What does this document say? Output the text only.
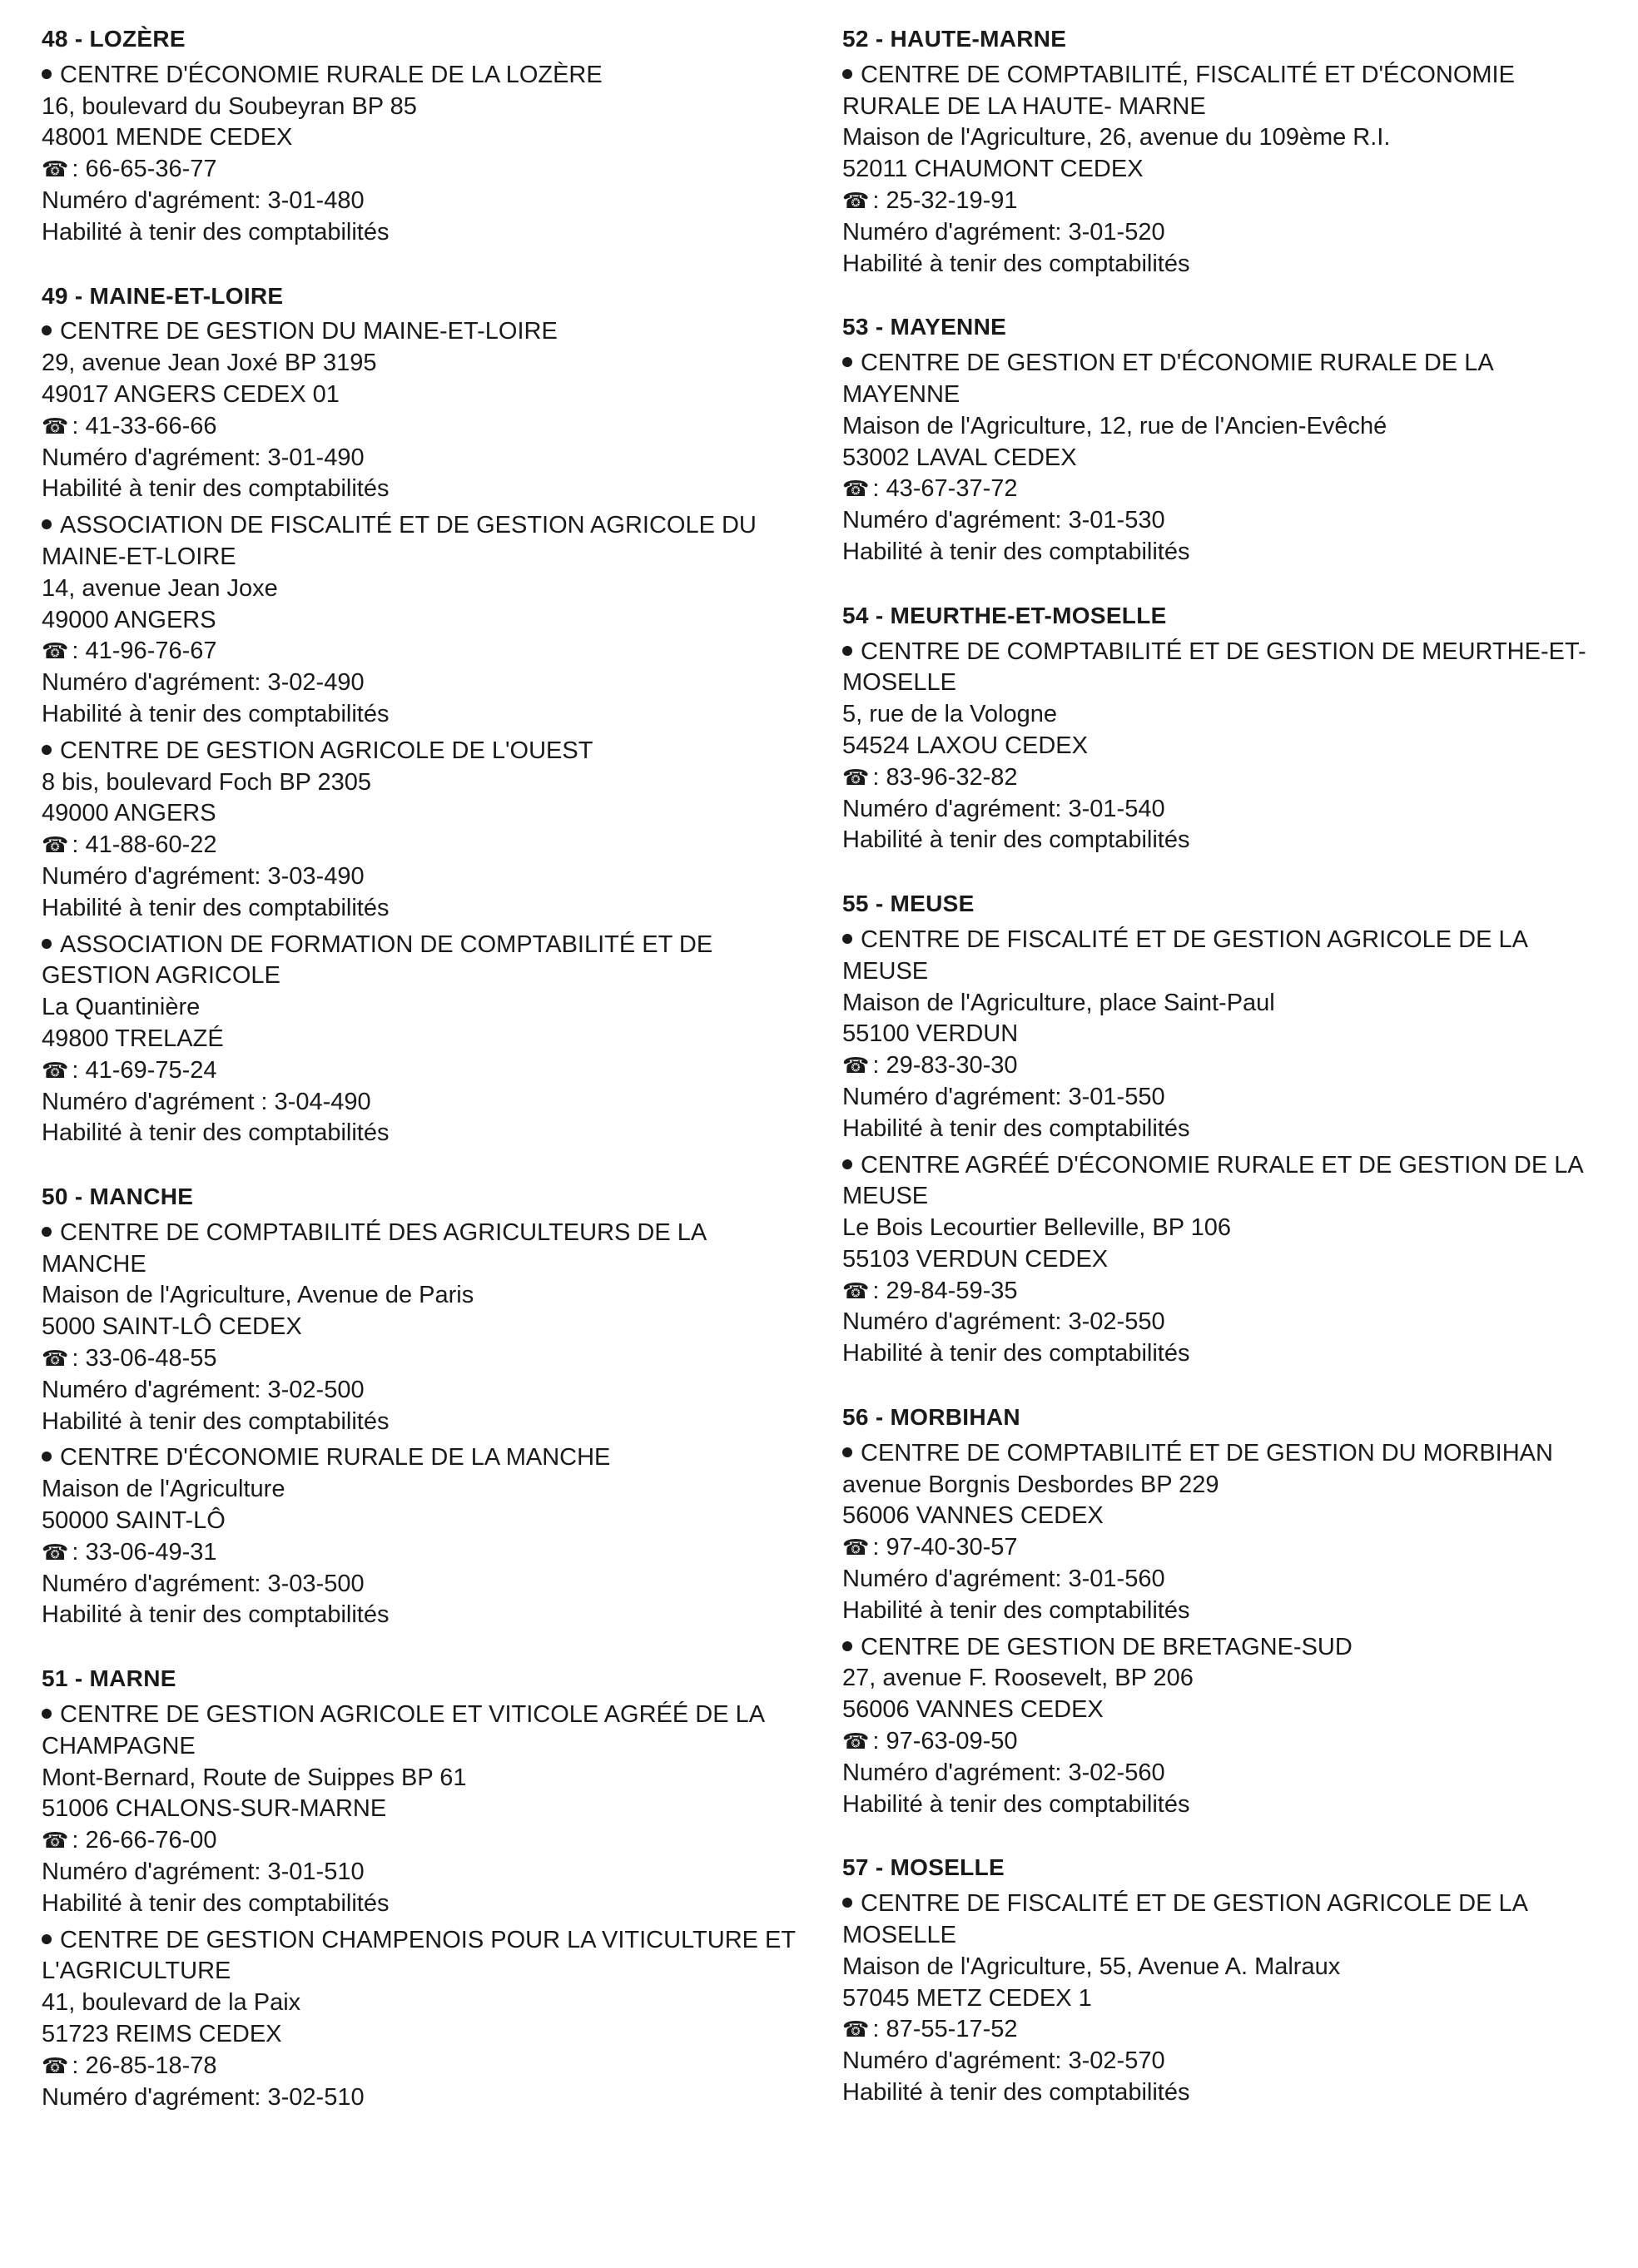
48 - LOZÈRE
CENTRE D'ÉCONOMIE RURALE DE LA LOZÈRE
16, boulevard du Soubeyran BP 85
48001 MENDE CEDEX
☎ : 66-65-36-77
Numéro d'agrément: 3-01-480
Habilité à tenir des comptabilités
49 - MAINE-ET-LOIRE
CENTRE DE GESTION DU MAINE-ET-LOIRE
29, avenue Jean Joxé BP 3195
49017 ANGERS CEDEX 01
☎ : 41-33-66-66
Numéro d'agrément: 3-01-490
Habilité à tenir des comptabilités
ASSOCIATION DE FISCALITÉ ET DE GESTION AGRICOLE DU MAINE-ET-LOIRE
14, avenue Jean Joxe
49000 ANGERS
☎ : 41-96-76-67
Numéro d'agrément: 3-02-490
Habilité à tenir des comptabilités
CENTRE DE GESTION AGRICOLE DE L'OUEST
8 bis, boulevard Foch BP 2305
49000 ANGERS
☎ : 41-88-60-22
Numéro d'agrément: 3-03-490
Habilité à tenir des comptabilités
ASSOCIATION DE FORMATION DE COMPTABILITÉ ET DE GESTION AGRICOLE
La Quantinière
49800 TRELAZÉ
☎ : 41-69-75-24
Numéro d'agrément : 3-04-490
Habilité à tenir des comptabilités
50 - MANCHE
CENTRE DE COMPTABILITÉ DES AGRICULTEURS DE LA MANCHE
Maison de l'Agriculture, Avenue de Paris
5000 SAINT-LÔ CEDEX
☎ : 33-06-48-55
Numéro d'agrément: 3-02-500
Habilité à tenir des comptabilités
CENTRE D'ÉCONOMIE RURALE DE LA MANCHE
Maison de l'Agriculture
50000 SAINT-LÔ
☎ : 33-06-49-31
Numéro d'agrément: 3-03-500
Habilité à tenir des comptabilités
51 - MARNE
CENTRE DE GESTION AGRICOLE ET VITICOLE AGRÉÉ DE LA CHAMPAGNE
Mont-Bernard, Route de Suippes BP 61
51006 CHALONS-SUR-MARNE
☎ : 26-66-76-00
Numéro d'agrément: 3-01-510
Habilité à tenir des comptabilités
CENTRE DE GESTION CHAMPENOIS POUR LA VITICULTURE ET L'AGRICULTURE
41, boulevard de la Paix
51723 REIMS CEDEX
☎ : 26-85-18-78
Numéro d'agrément: 3-02-510
52 - HAUTE-MARNE
CENTRE DE COMPTABILITÉ, FISCALITÉ ET D'ÉCONOMIE RURALE DE LA HAUTE- MARNE
Maison de l'Agriculture, 26, avenue du 109ème R.I.
52011 CHAUMONT CEDEX
☎ : 25-32-19-91
Numéro d'agrément: 3-01-520
Habilité à tenir des comptabilités
53 - MAYENNE
CENTRE DE GESTION ET D'ÉCONOMIE RURALE DE LA MAYENNE
Maison de l'Agriculture, 12, rue de l'Ancien-Evêché
53002 LAVAL CEDEX
☎ : 43-67-37-72
Numéro d'agrément: 3-01-530
Habilité à tenir des comptabilités
54 - MEURTHE-ET-MOSELLE
CENTRE DE COMPTABILITÉ ET DE GESTION DE MEURTHE-ET-MOSELLE
5, rue de la Vologne
54524 LAXOU CEDEX
☎ : 83-96-32-82
Numéro d'agrément: 3-01-540
Habilité à tenir des comptabilités
55 - MEUSE
CENTRE DE FISCALITÉ ET DE GESTION AGRICOLE DE LA MEUSE
Maison de l'Agriculture, place Saint-Paul
55100 VERDUN
☎ : 29-83-30-30
Numéro d'agrément: 3-01-550
Habilité à tenir des comptabilités
CENTRE AGRÉÉ D'ÉCONOMIE RURALE ET DE GESTION DE LA MEUSE
Le Bois Lecourtier Belleville, BP 106
55103 VERDUN CEDEX
☎ : 29-84-59-35
Numéro d'agrément: 3-02-550
Habilité à tenir des comptabilités
56 - MORBIHAN
CENTRE DE COMPTABILITÉ ET DE GESTION DU MORBIHAN
avenue Borgnis Desbordes BP 229
56006 VANNES CEDEX
☎ : 97-40-30-57
Numéro d'agrément: 3-01-560
Habilité à tenir des comptabilités
CENTRE DE GESTION DE BRETAGNE-SUD
27, avenue F. Roosevelt, BP 206
56006 VANNES CEDEX
☎ : 97-63-09-50
Numéro d'agrément: 3-02-560
Habilité à tenir des comptabilités
57 - MOSELLE
CENTRE DE FISCALITÉ ET DE GESTION AGRICOLE DE LA MOSELLE
Maison de l'Agriculture, 55, Avenue A. Malraux
57045 METZ CEDEX 1
☎ : 87-55-17-52
Numéro d'agrément: 3-02-570
Habilité à tenir des comptabilités
